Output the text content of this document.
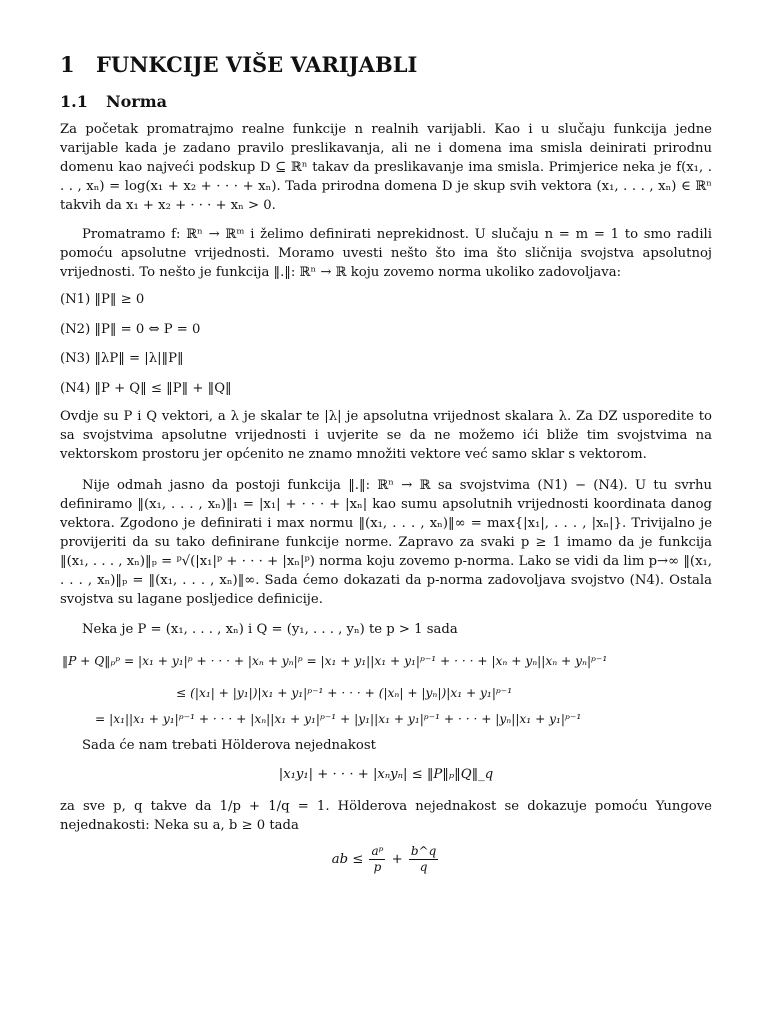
1 FUNKCIJE VIŠE VARIJABLI
1.1 Norma
Za početak promatrajmo realne funkcije n realnih varijabli. Kao i u slučaju funkcija jedne varijable kada je zadano pravilo preslikavanja, ali ne i domena ima smisla deinirati prirodnu domenu kao najveći podskup D ⊆ ℝⁿ takav da preslikavanje ima smisla. Primjerice neka je f(x₁, . . . , xₙ) = log(x₁ + x₂ + · · · + xₙ). Tada prirodna domena D je skup svih vektora (x₁, . . . , xₙ) ∈ ℝⁿ takvih da x₁ + x₂ + · · · + xₙ > 0.
Promatramo f: ℝⁿ → ℝᵐ i želimo definirati neprekidnost. U slučaju n = m = 1 to smo radili pomoću apsolutne vrijednosti. Moramo uvesti nešto što ima što sličnija svojstva apsolutnoj vrijednosti. To nešto je funkcija ‖.‖: ℝⁿ → ℝ koju zovemo norma ukoliko zadovoljava:
(N1) ‖P‖ ≥ 0
(N2) ‖P‖ = 0 ⇔ P = 0
(N3) ‖λP‖ = |λ|‖P‖
(N4) ‖P + Q‖ ≤ ‖P‖ + ‖Q‖
Ovdje su P i Q vektori, a λ je skalar te |λ| je apsolutna vrijednost skalara λ. Za DZ usporedite to sa svojstvima apsolutne vrijednosti i uvjerite se da ne možemo ići bliže tim svojstvima na vektorskom prostoru jer općenito ne znamo množiti vektore već samo sklar s vektorom.
Nije odmah jasno da postoji funkcija ‖.‖: ℝⁿ → ℝ sa svojstvima (N1) − (N4). U tu svrhu definiramo ‖(x₁, . . . , xₙ)‖₁ = |x₁| + · · · + |xₙ| kao sumu apsolutnih vrijednosti koordinata danog vektora. Zgodono je definirati i max normu ‖(x₁, . . . , xₙ)‖∞ = max{|x₁|, . . . , |xₙ|}. Trivijalno je provijeriti da su tako definirane funkcije norme. Zapravo za svaki p ≥ 1 imamo da je funkcija ‖(x₁, . . . , xₙ)‖ₚ = ᵖ√(|x₁|ᵖ + · · · + |xₙ|ᵖ) norma koju zovemo p-norma. Lako se vidi da lim p→∞ ‖(x₁, . . . , xₙ)‖ₚ = ‖(x₁, . . . , xₙ)‖∞. Sada ćemo dokazati da p-norma zadovoljava svojstvo (N4). Ostala svojstva su lagane posljedice definicije.
Neka je P = (x₁, . . . , xₙ) i Q = (y₁, . . . , yₙ) te p > 1 sada
‖P + Q‖ₚᵖ = |x₁ + y₁|ᵖ + · · · + |xₙ + yₙ|ᵖ = |x₁ + y₁||x₁ + y₁|ᵖ⁻¹ + · · · + |xₙ + yₙ||xₙ + yₙ|ᵖ⁻¹
≤ (|x₁| + |y₁|)|x₁ + y₁|ᵖ⁻¹ + · · · + (|xₙ| + |yₙ|)|x₁ + y₁|ᵖ⁻¹
= |x₁||x₁ + y₁|ᵖ⁻¹ + · · · + |xₙ||x₁ + y₁|ᵖ⁻¹ + |y₁||x₁ + y₁|ᵖ⁻¹ + · · · + |yₙ||x₁ + y₁|ᵖ⁻¹
Sada će nam trebati Hölderova nejednakost
|x₁y₁| + · · · + |xₙyₙ| ≤ ‖P‖ₚ‖Q‖_q
za sve p, q takve da 1/p + 1/q = 1. Hölderova nejednakost se dokazuje pomoću Yungove nejednakosti: Neka su a, b ≥ 0 tada
ab ≤ $\frac{\text{aᵖ}}{p} + \frac{b\^{}q}{q}$
